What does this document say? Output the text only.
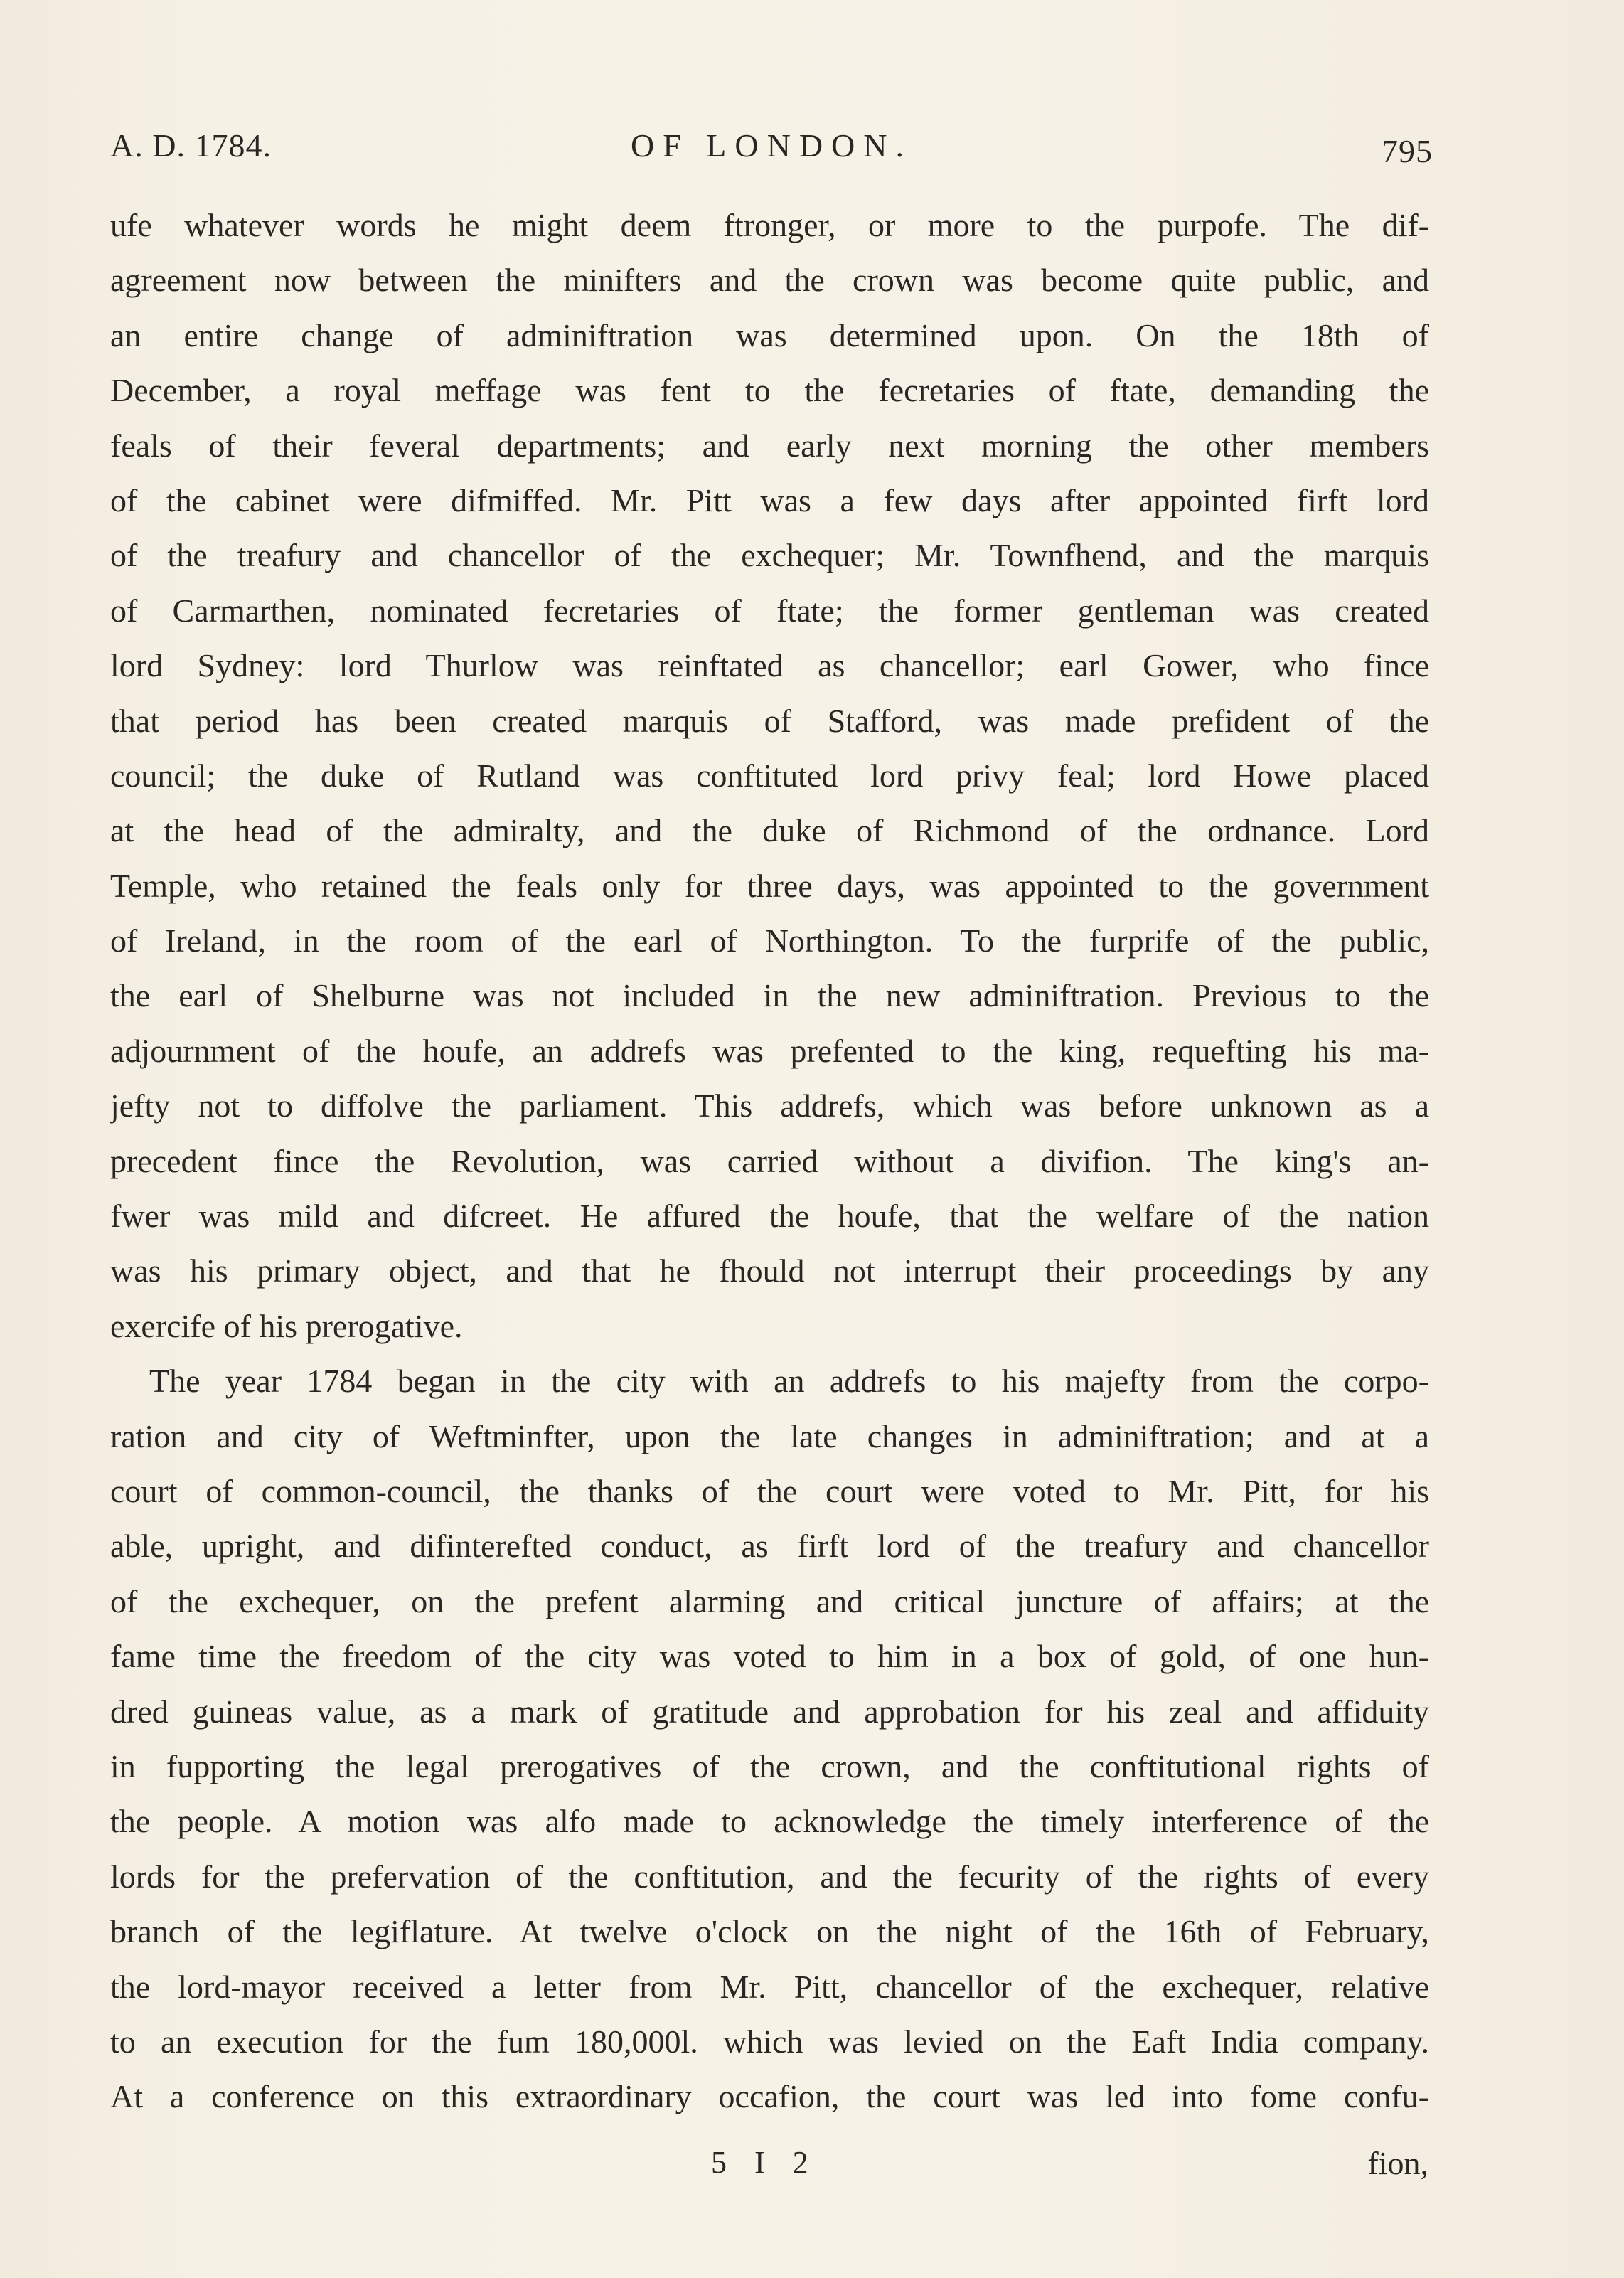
A. D. 1784.	OF LONDON.	795
ufe whatever words he might deem ftronger, or more to the purpofe. The dif-
agreement now between the minifters and the crown was become quite public, and
an entire change of adminiftration was determined upon. On the 18th of
December, a royal meffage was fent to the fecretaries of ftate, demanding the
feals of their feveral departments; and early next morning the other members
of the cabinet were difmiffed. Mr. Pitt was a few days after appointed firft lord
of the treafury and chancellor of the exchequer; Mr. Townfhend, and the marquis
of Carmarthen, nominated fecretaries of ftate; the former gentleman was created
lord Sydney: lord Thurlow was reinftated as chancellor; earl Gower, who fince
that period has been created marquis of Stafford, was made prefident of the
council; the duke of Rutland was conftituted lord privy feal; lord Howe placed
at the head of the admiralty, and the duke of Richmond of the ordnance. Lord
Temple, who retained the feals only for three days, was appointed to the government
of Ireland, in the room of the earl of Northington. To the furprife of the public,
the earl of Shelburne was not included in the new adminiftration. Previous to the
adjournment of the houfe, an addrefs was prefented to the king, requefting his ma-
jefty not to diffolve the parliament. This addrefs, which was before unknown as a
precedent fince the Revolution, was carried without a divifion. The king's an-
fwer was mild and difcreet. He affured the houfe, that the welfare of the nation
was his primary object, and that he fhould not interrupt their proceedings by any
exercife of his prerogative.
The year 1784 began in the city with an addrefs to his majefty from the corpo-
ration and city of Weftminfter, upon the late changes in adminiftration; and at a
court of common-council, the thanks of the court were voted to Mr. Pitt, for his
able, upright, and difinterefted conduct, as firft lord of the treafury and chancellor
of the exchequer, on the prefent alarming and critical juncture of affairs; at the
fame time the freedom of the city was voted to him in a box of gold, of one hun-
dred guineas value, as a mark of gratitude and approbation for his zeal and affiduity
in fupporting the legal prerogatives of the crown, and the conftitutional rights of
the people. A motion was alfo made to acknowledge the timely interference of the
lords for the prefervation of the conftitution, and the fecurity of the rights of every
branch of the legiflature. At twelve o'clock on the night of the 16th of February,
the lord-mayor received a letter from Mr. Pitt, chancellor of the exchequer, relative
to an execution for the fum 180,000l. which was levied on the Eaft India company.
At a conference on this extraordinary occafion, the court was led into fome confu-
5 I 2	fion,
